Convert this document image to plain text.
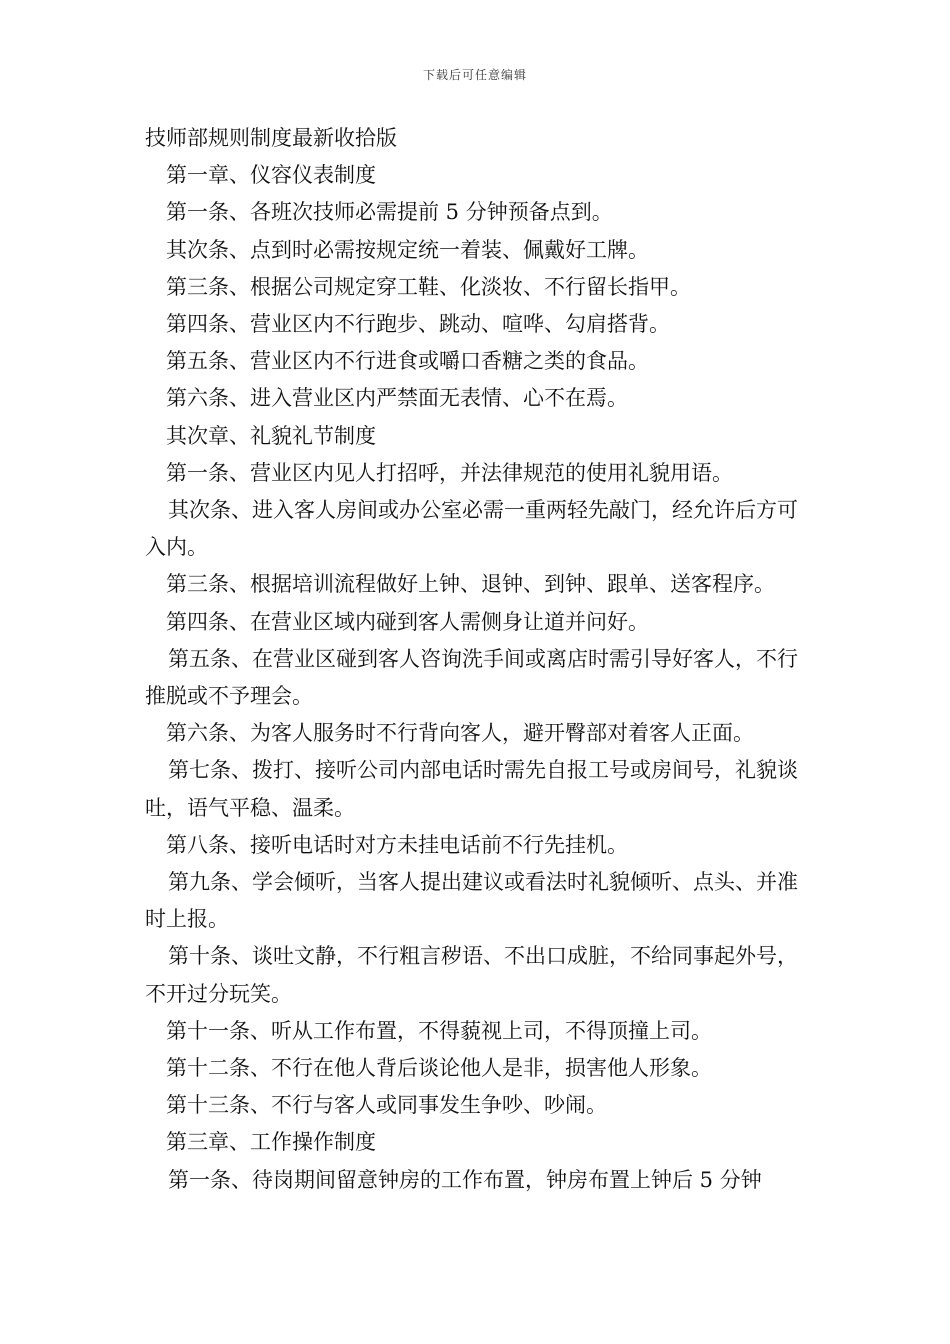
下载后可任意编辑

技师部规则制度最新收拾版

第一章、仪容仪表制度

第一条、各班次技师必需提前 5 分钟预备点到。

其次条、点到时必需按规定统一着装、佩戴好工牌。

第三条、根据公司规定穿工鞋、化淡妆、不行留长指甲。

第四条、营业区内不行跑步、跳动、喧哗、勾肩搭背。

第五条、营业区内不行进食或嚼口香糖之类的食品。

第六条、进入营业区内严禁面无表情、心不在焉。

其次章、礼貌礼节制度

第一条、营业区内见人打招呼，并法律规范的使用礼貌用语。

其次条、进入客人房间或办公室必需一重两轻先敲门，经允许后方可入内。

第三条、根据培训流程做好上钟、退钟、到钟、跟单、送客程序。

第四条、在营业区域内碰到客人需侧身让道并问好。

第五条、在营业区碰到客人咨询洗手间或离店时需引导好客人，不行推脱或不予理会。

第六条、为客人服务时不行背向客人，避开臀部对着客人正面。

第七条、拨打、接听公司内部电话时需先自报工号或房间号，礼貌谈吐，语气平稳、温柔。

第八条、接听电话时对方未挂电话前不行先挂机。

第九条、学会倾听，当客人提出建议或看法时礼貌倾听、点头、并准时上报。

第十条、谈吐文静，不行粗言秽语、不出口成脏，不给同事起外号，不开过分玩笑。

第十一条、听从工作布置，不得藐视上司，不得顶撞上司。

第十二条、不行在他人背后谈论他人是非，损害他人形象。

第十三条、不行与客人或同事发生争吵、吵闹。

第三章、工作操作制度

第一条、待岗期间留意钟房的工作布置，钟房布置上钟后 5 分钟
